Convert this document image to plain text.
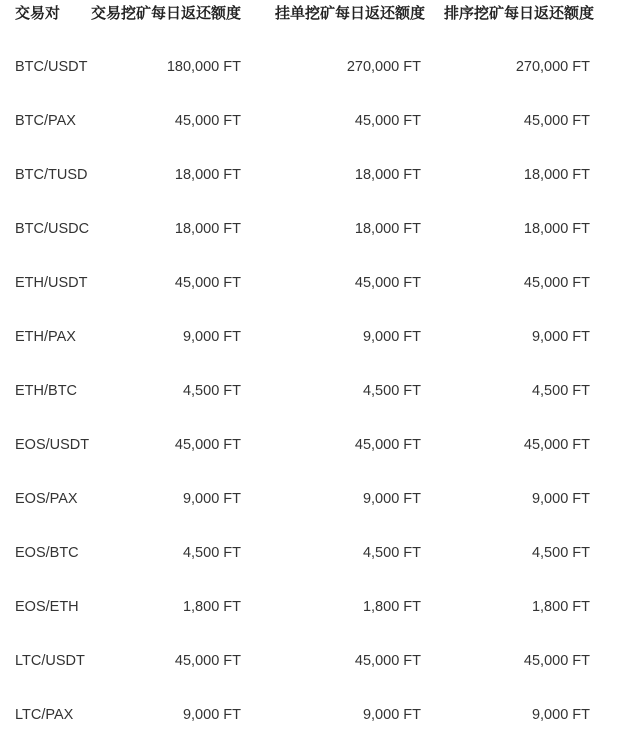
交易对 交易挖矿每日返还额度 挂单挖矿每日返还额度 排序挖矿每日返还额度
BTC/USDT	180,000 FT	270,000 FT	270,000 FT
BTC/PAX	45,000 FT	45,000 FT	45,000 FT
BTC/TUSD	18,000 FT	18,000 FT	18,000 FT
BTC/USDC	18,000 FT	18,000 FT	18,000 FT
ETH/USDT	45,000 FT	45,000 FT	45,000 FT
ETH/PAX	9,000 FT	9,000 FT	9,000 FT
ETH/BTC	4,500 FT	4,500 FT	4,500 FT
EOS/USDT	45,000 FT	45,000 FT	45,000 FT
EOS/PAX	9,000 FT	9,000 FT	9,000 FT
EOS/BTC	4,500 FT	4,500 FT	4,500 FT
EOS/ETH	1,800 FT	1,800 FT	1,800 FT
LTC/USDT	45,000 FT	45,000 FT	45,000 FT
LTC/PAX	9,000 FT	9,000 FT	9,000 FT
